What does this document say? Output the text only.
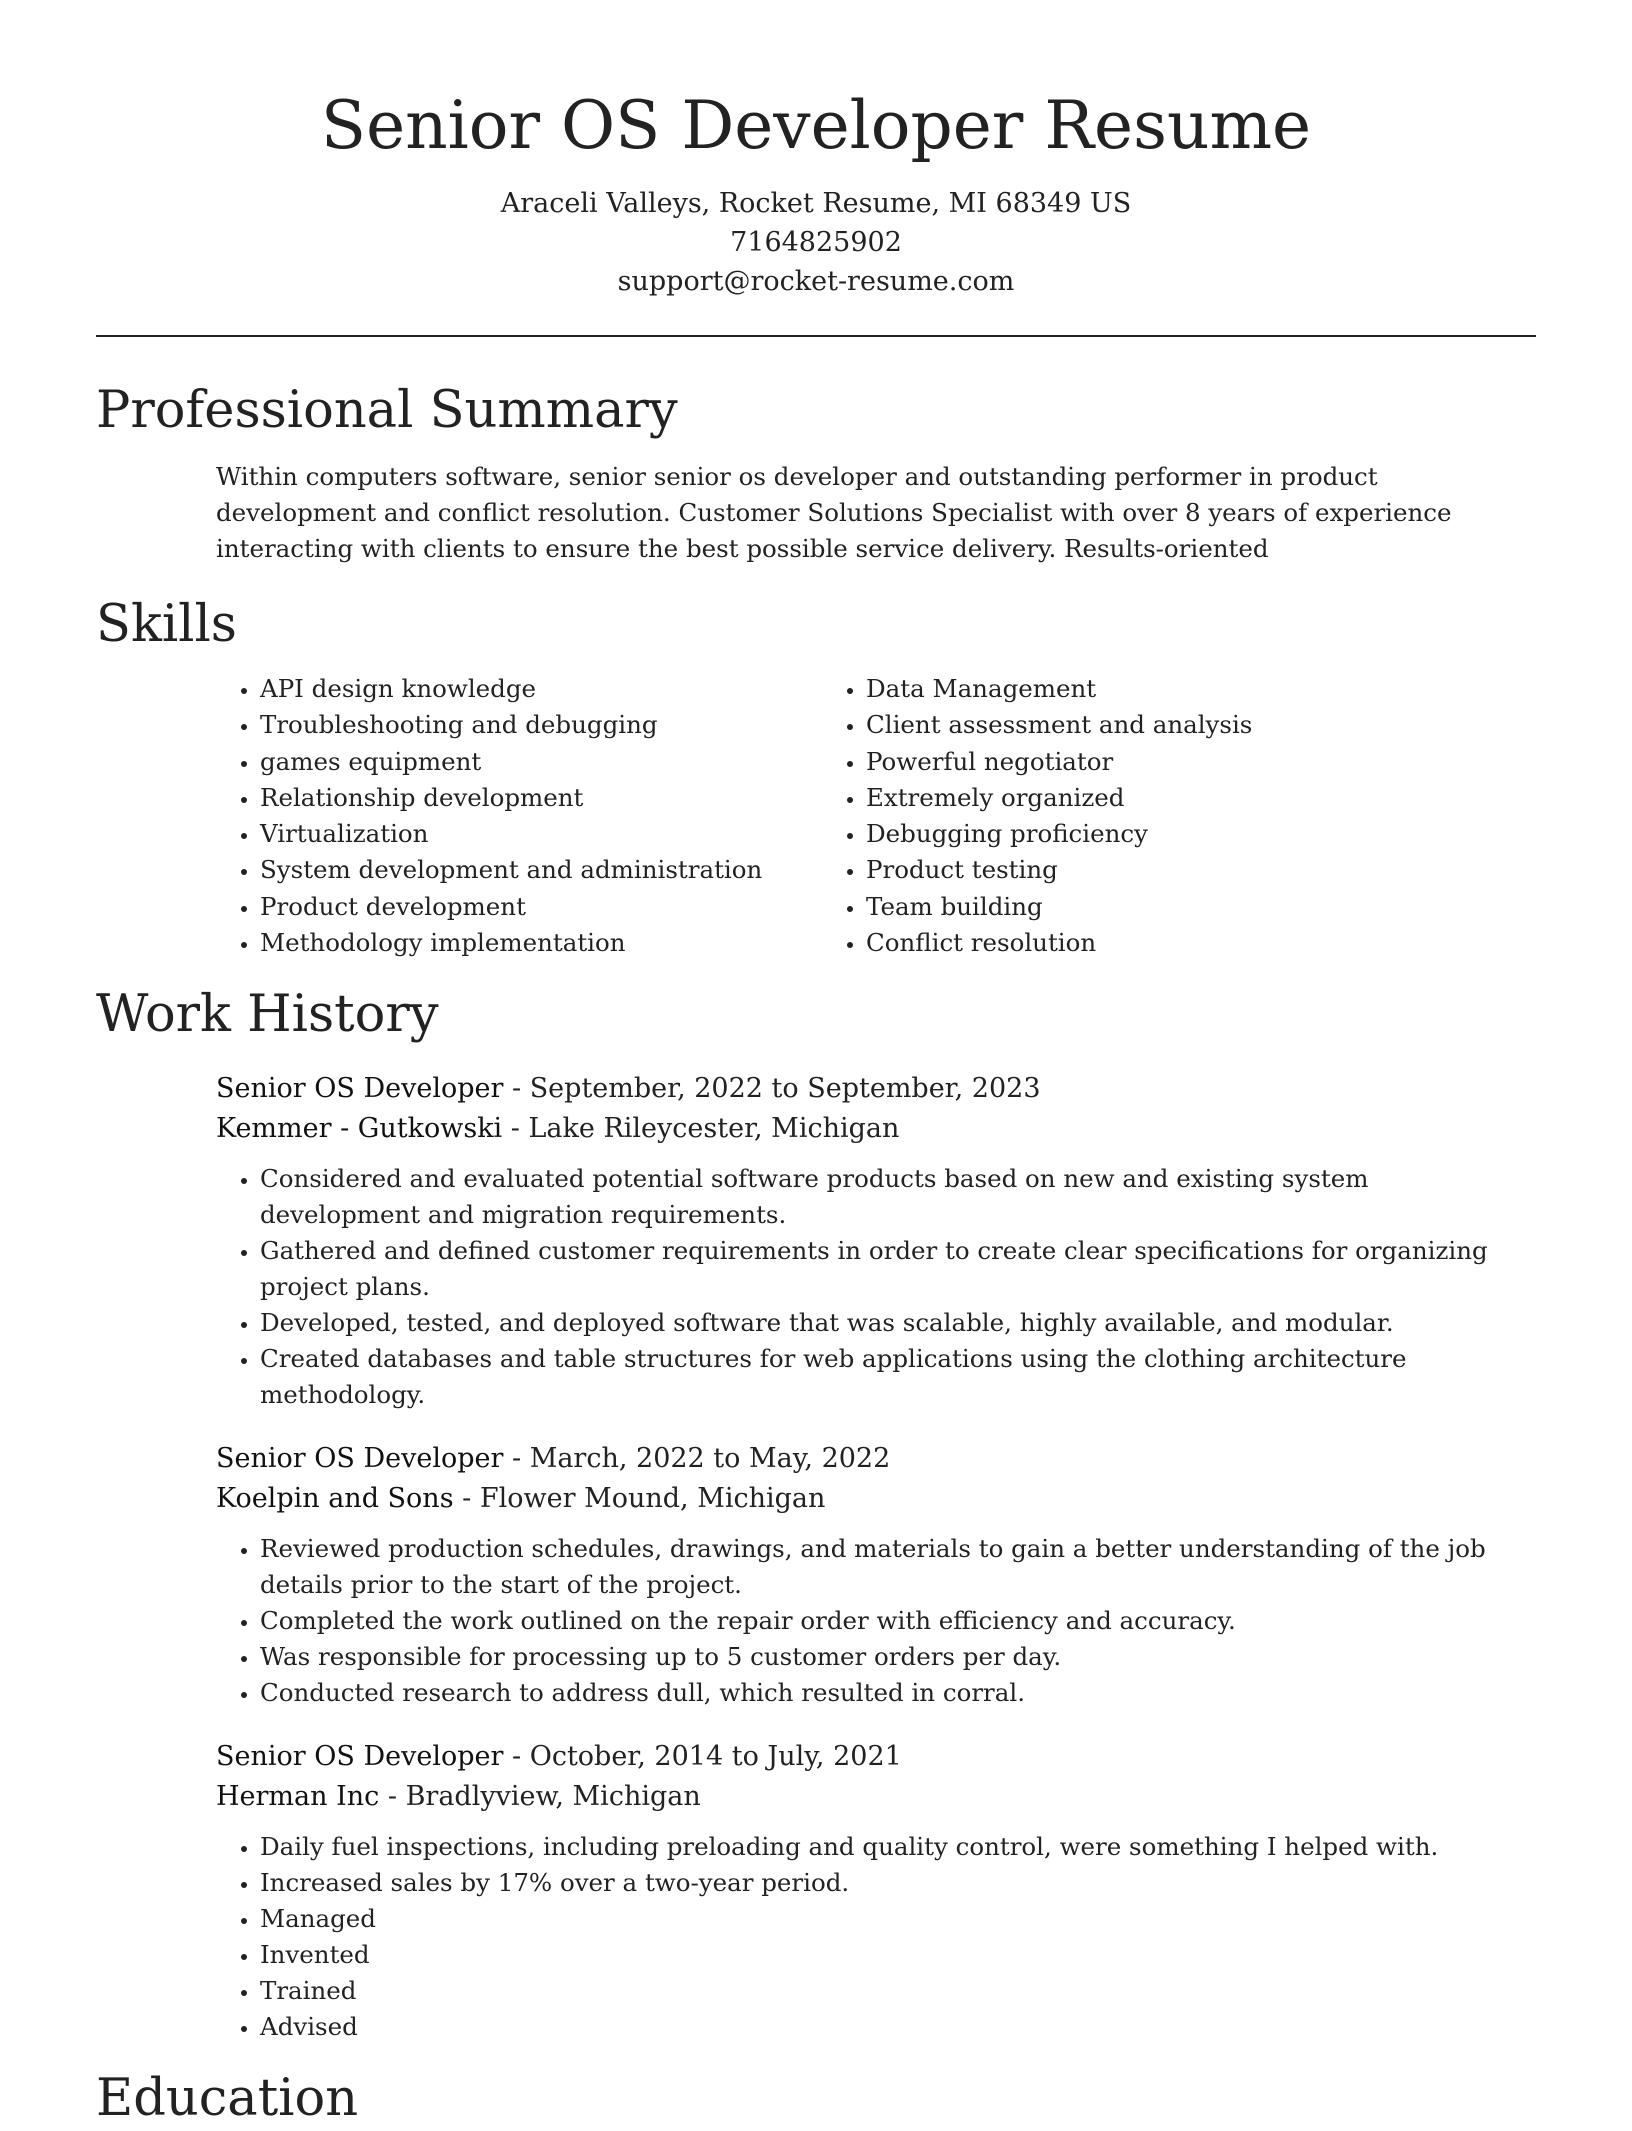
Senior OS Developer Resume
Araceli Valleys, Rocket Resume, MI 68349 US
7164825902
support@rocket-resume.com
Professional Summary

Within computers software, senior senior os developer and outstanding performer in product development and conflict resolution. Customer Solutions Specialist with over 8 years of experience interacting with clients to ensure the best possible service delivery. Results-oriented

Skills
• API design knowledge
• Troubleshooting and debugging
• games equipment
• Relationship development
• Virtualization
• System development and administration
• Product development
• Methodology implementation
• Data Management
• Client assessment and analysis
• Powerful negotiator
• Extremely organized
• Debugging proficiency
• Product testing
• Team building
• Conflict resolution
Work History
Senior OS Developer - September, 2022 to September, 2023
Kemmer - Gutkowski - Lake Rileycester, Michigan
• Considered and evaluated potential software products based on new and existing system development and migration requirements.
• Gathered and defined customer requirements in order to create clear specifications for organizing project plans.
• Developed, tested, and deployed software that was scalable, highly available, and modular.
• Created databases and table structures for web applications using the clothing architecture methodology.
Senior OS Developer - March, 2022 to May, 2022
Koelpin and Sons - Flower Mound, Michigan
• Reviewed production schedules, drawings, and materials to gain a better understanding of the job details prior to the start of the project.
• Completed the work outlined on the repair order with efficiency and accuracy.
• Was responsible for processing up to 5 customer orders per day.
• Conducted research to address dull, which resulted in corral.
Senior OS Developer - October, 2014 to July, 2021
Herman Inc - Bradlyview, Michigan
• Daily fuel inspections, including preloading and quality control, were something I helped with.
• Increased sales by 17% over a two-year period.
• Managed
• Invented
• Trained
• Advised
Education
